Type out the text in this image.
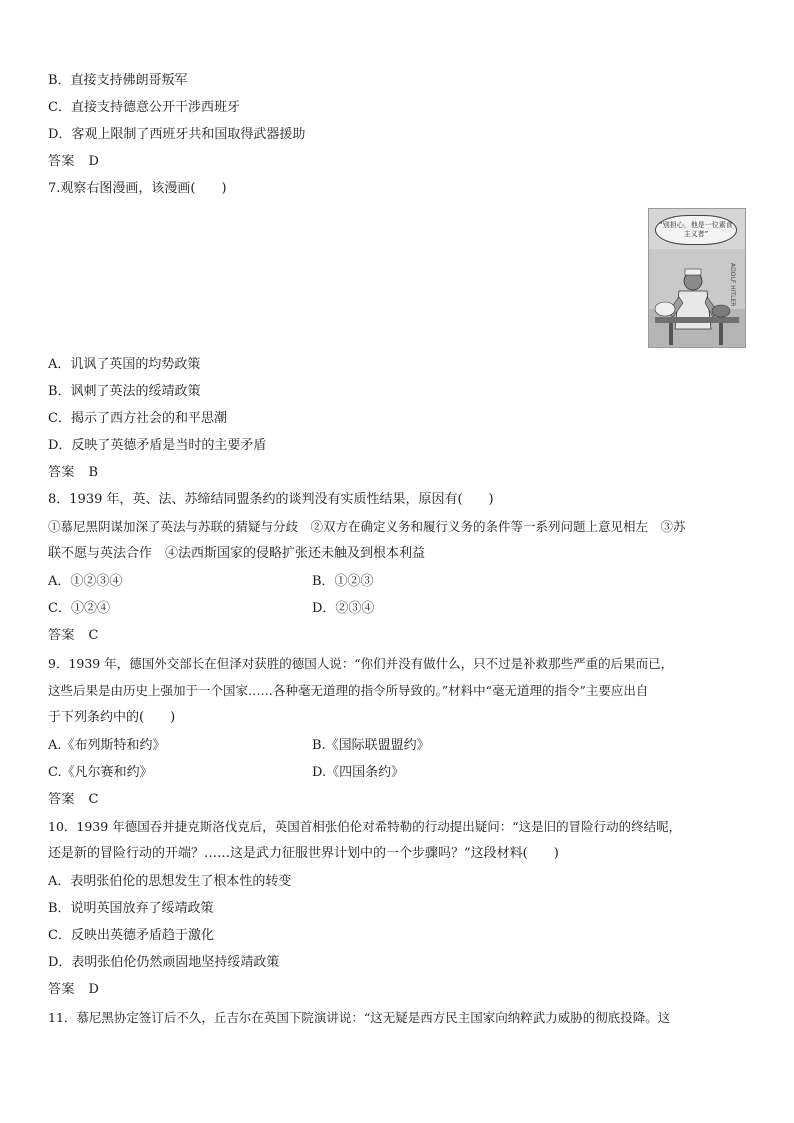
B．直接支持佛朗哥叛军
C．直接支持德意公开干涉西班牙
D．客观上限制了西班牙共和国取得武器援助
答案　D
7.观察右图漫画，该漫画(　　)
“别担心，他是一位素食主义者”
ADOLF HITLER
A．讥讽了英国的均势政策
B．讽刺了英法的绥靖政策
C．揭示了西方社会的和平思潮
D．反映了英德矛盾是当时的主要矛盾
答案　B
8．1939 年，英、法、苏缔结同盟条约的谈判没有实质性结果，原因有(　　)
①慕尼黑阴谋加深了英法与苏联的猜疑与分歧　②双方在确定义务和履行义务的条件等一系列问题上意见相左　③苏
联不愿与英法合作　④法西斯国家的侵略扩张还未触及到根本利益
A．①②③④	B．①②③
C．①②④	D．②③④
答案　C
9．1939 年，德国外交部长在但泽对获胜的德国人说：“你们并没有做什么，只不过是补救那些严重的后果而已，
这些后果是由历史上强加于一个国家……各种毫无道理的指令所导致的。”材料中“毫无道理的指令”主要应出自
于下列条约中的(　　)
A.《布列斯特和约》	B.《国际联盟盟约》
C.《凡尔赛和约》	D.《四国条约》
答案　C
10．1939 年德国吞并捷克斯洛伐克后，英国首相张伯伦对希特勒的行动提出疑问：“这是旧的冒险行动的终结呢，
还是新的冒险行动的开端？……这是武力征服世界计划中的一个步骤吗？”这段材料(　　)
A．表明张伯伦的思想发生了根本性的转变
B．说明英国放弃了绥靖政策
C．反映出英德矛盾趋于激化
D．表明张伯伦仍然顽固地坚持绥靖政策
答案　D
11．慕尼黑协定签订后不久，丘吉尔在英国下院演讲说：“这无疑是西方民主国家向纳粹武力威胁的彻底投降。这
